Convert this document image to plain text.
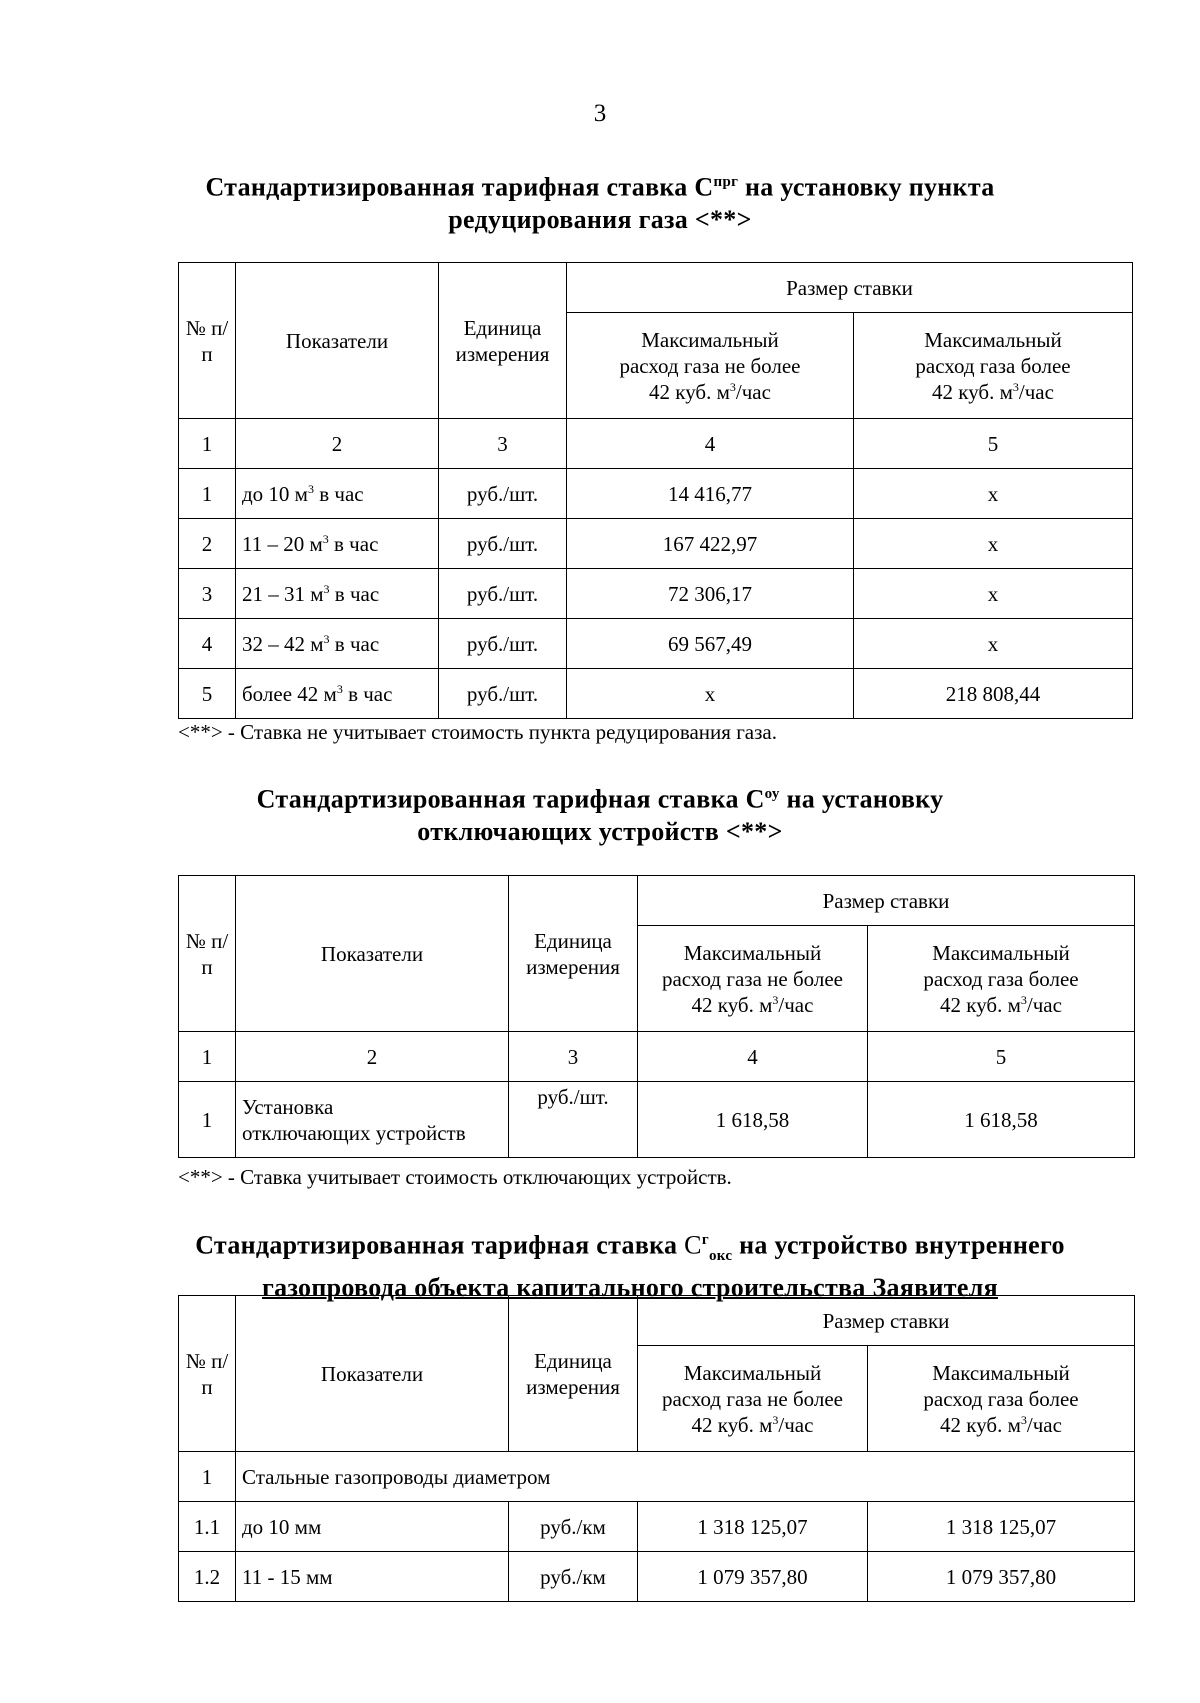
3
Стандартизированная тарифная ставка $С^{прг}$ на установку пункта
редуцирования газа <**>
№ п/п	Показатели	Единица измерения	Размер ставки	
			Максимальный
расход газа не более
42 куб. $м^3$/час	Максимальный
расход газа более
42 куб. $м^3$/час
1	2	3	4	5
1	до 10 $м^3$ в час	руб./шт.	14 416,77	x
2	11 – 20 $м^3$ в час	руб./шт.	167 422,97	x
3	21 – 31 $м^3$ в час	руб./шт.	72 306,17	x
4	32 – 42 $м^3$ в час	руб./шт.	69 567,49	x
5	более 42 $м^3$ в час	руб./шт.	x	218 808,44
<**> - Ставка не учитывает стоимость пункта редуцирования газа.
Стандартизированная тарифная ставка $С^{оу}$ на установку
отключающих устройств <**>
№ п/п	Показатели	Единица измерения	Размер ставки	
			Максимальный
расход газа не более
42 куб. $м^3$/час	Максимальный
расход газа более
42 куб. $м^3$/час
1	2	3	4	5
1	Установка
отключающих устройств	руб./шт.	1 618,58	1 618,58
<**> - Ставка учитывает стоимость отключающих устройств.
Стандартизированная тарифная ставка $С^г_{окс}$ на устройство внутреннего
газопровода объекта капитального строительства Заявителя
№ п/п	Показатели	Единица измерения	Размер ставки	
			Максимальный
расход газа не более
42 куб. $м^3$/час	Максимальный
расход газа более
42 куб. $м^3$/час
1	Стальные газопроводы диаметром			
1.1	до 10 мм	руб./км	1 318 125,07	1 318 125,07
1.2	11 - 15 мм	руб./км	1 079 357,80	1 079 357,80
